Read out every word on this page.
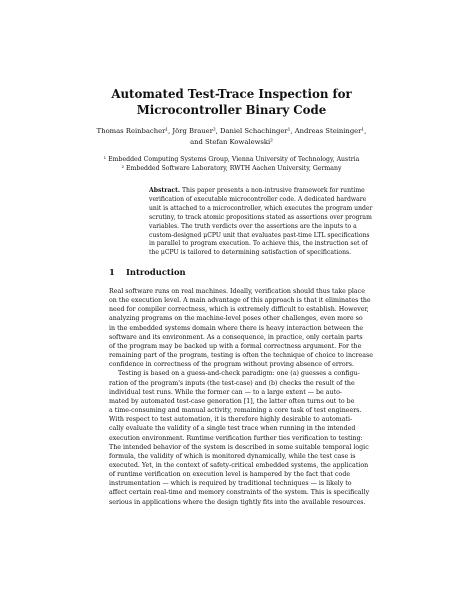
Automated Test-Trace Inspection for
Microcontroller Binary Code
Thomas Reinbacher¹, Jörg Brauer², Daniel Schachinger¹, Andreas Steininger¹,
and Stefan Kowalewski²
¹ Embedded Computing Systems Group, Vienna University of Technology, Austria
² Embedded Software Laboratory, RWTH Aachen University, Germany
Abstract. This paper presents a non-intrusive framework for runtime
verification of executable microcontroller code. A dedicated hardware
unit is attached to a microcontroller, which executes the program under
scrutiny, to track atomic propositions stated as assertions over program
variables. The truth verdicts over the assertions are the inputs to a
custom-designed μCPU unit that evaluates past-time LTL specifications
in parallel to program execution. To achieve this, the instruction set of
the μCPU is tailored to determining satisfaction of specifications.
1 Introduction
Real software runs on real machines. Ideally, verification should thus take place
on the execution level. A main advantage of this approach is that it eliminates the
need for compiler correctness, which is extremely difficult to establish. However,
analyzing programs on the machine-level poses other challenges, even more so
in the embedded systems domain where there is heavy interaction between the
software and its environment. As a consequence, in practice, only certain parts
of the program may be backed up with a formal correctness argument. For the
remaining part of the program, testing is often the technique of choice to increase
confidence in correctness of the program without proving absence of errors.
Testing is based on a guess-and-check paradigm: one (a) guesses a configu-
ration of the program's inputs (the test-case) and (b) checks the result of the
individual test runs. While the former can — to a large extent — be auto-
mated by automated test-case generation [1], the latter often turns out to be
a time-consuming and manual activity, remaining a core task of test engineers.
With respect to test automation, it is therefore highly desirable to automati-
cally evaluate the validity of a single test trace when running in the intended
execution environment. Runtime verification further ties verification to testing:
The intended behavior of the system is described in some suitable temporal logic
formula, the validity of which is monitored dynamically, while the test case is
executed. Yet, in the context of safety-critical embedded systems, the application
of runtime verification on execution level is hampered by the fact that code
instrumentation — which is required by traditional techniques — is likely to
affect certain real-time and memory constraints of the system. This is specifically
serious in applications where the design tightly fits into the available resources.
